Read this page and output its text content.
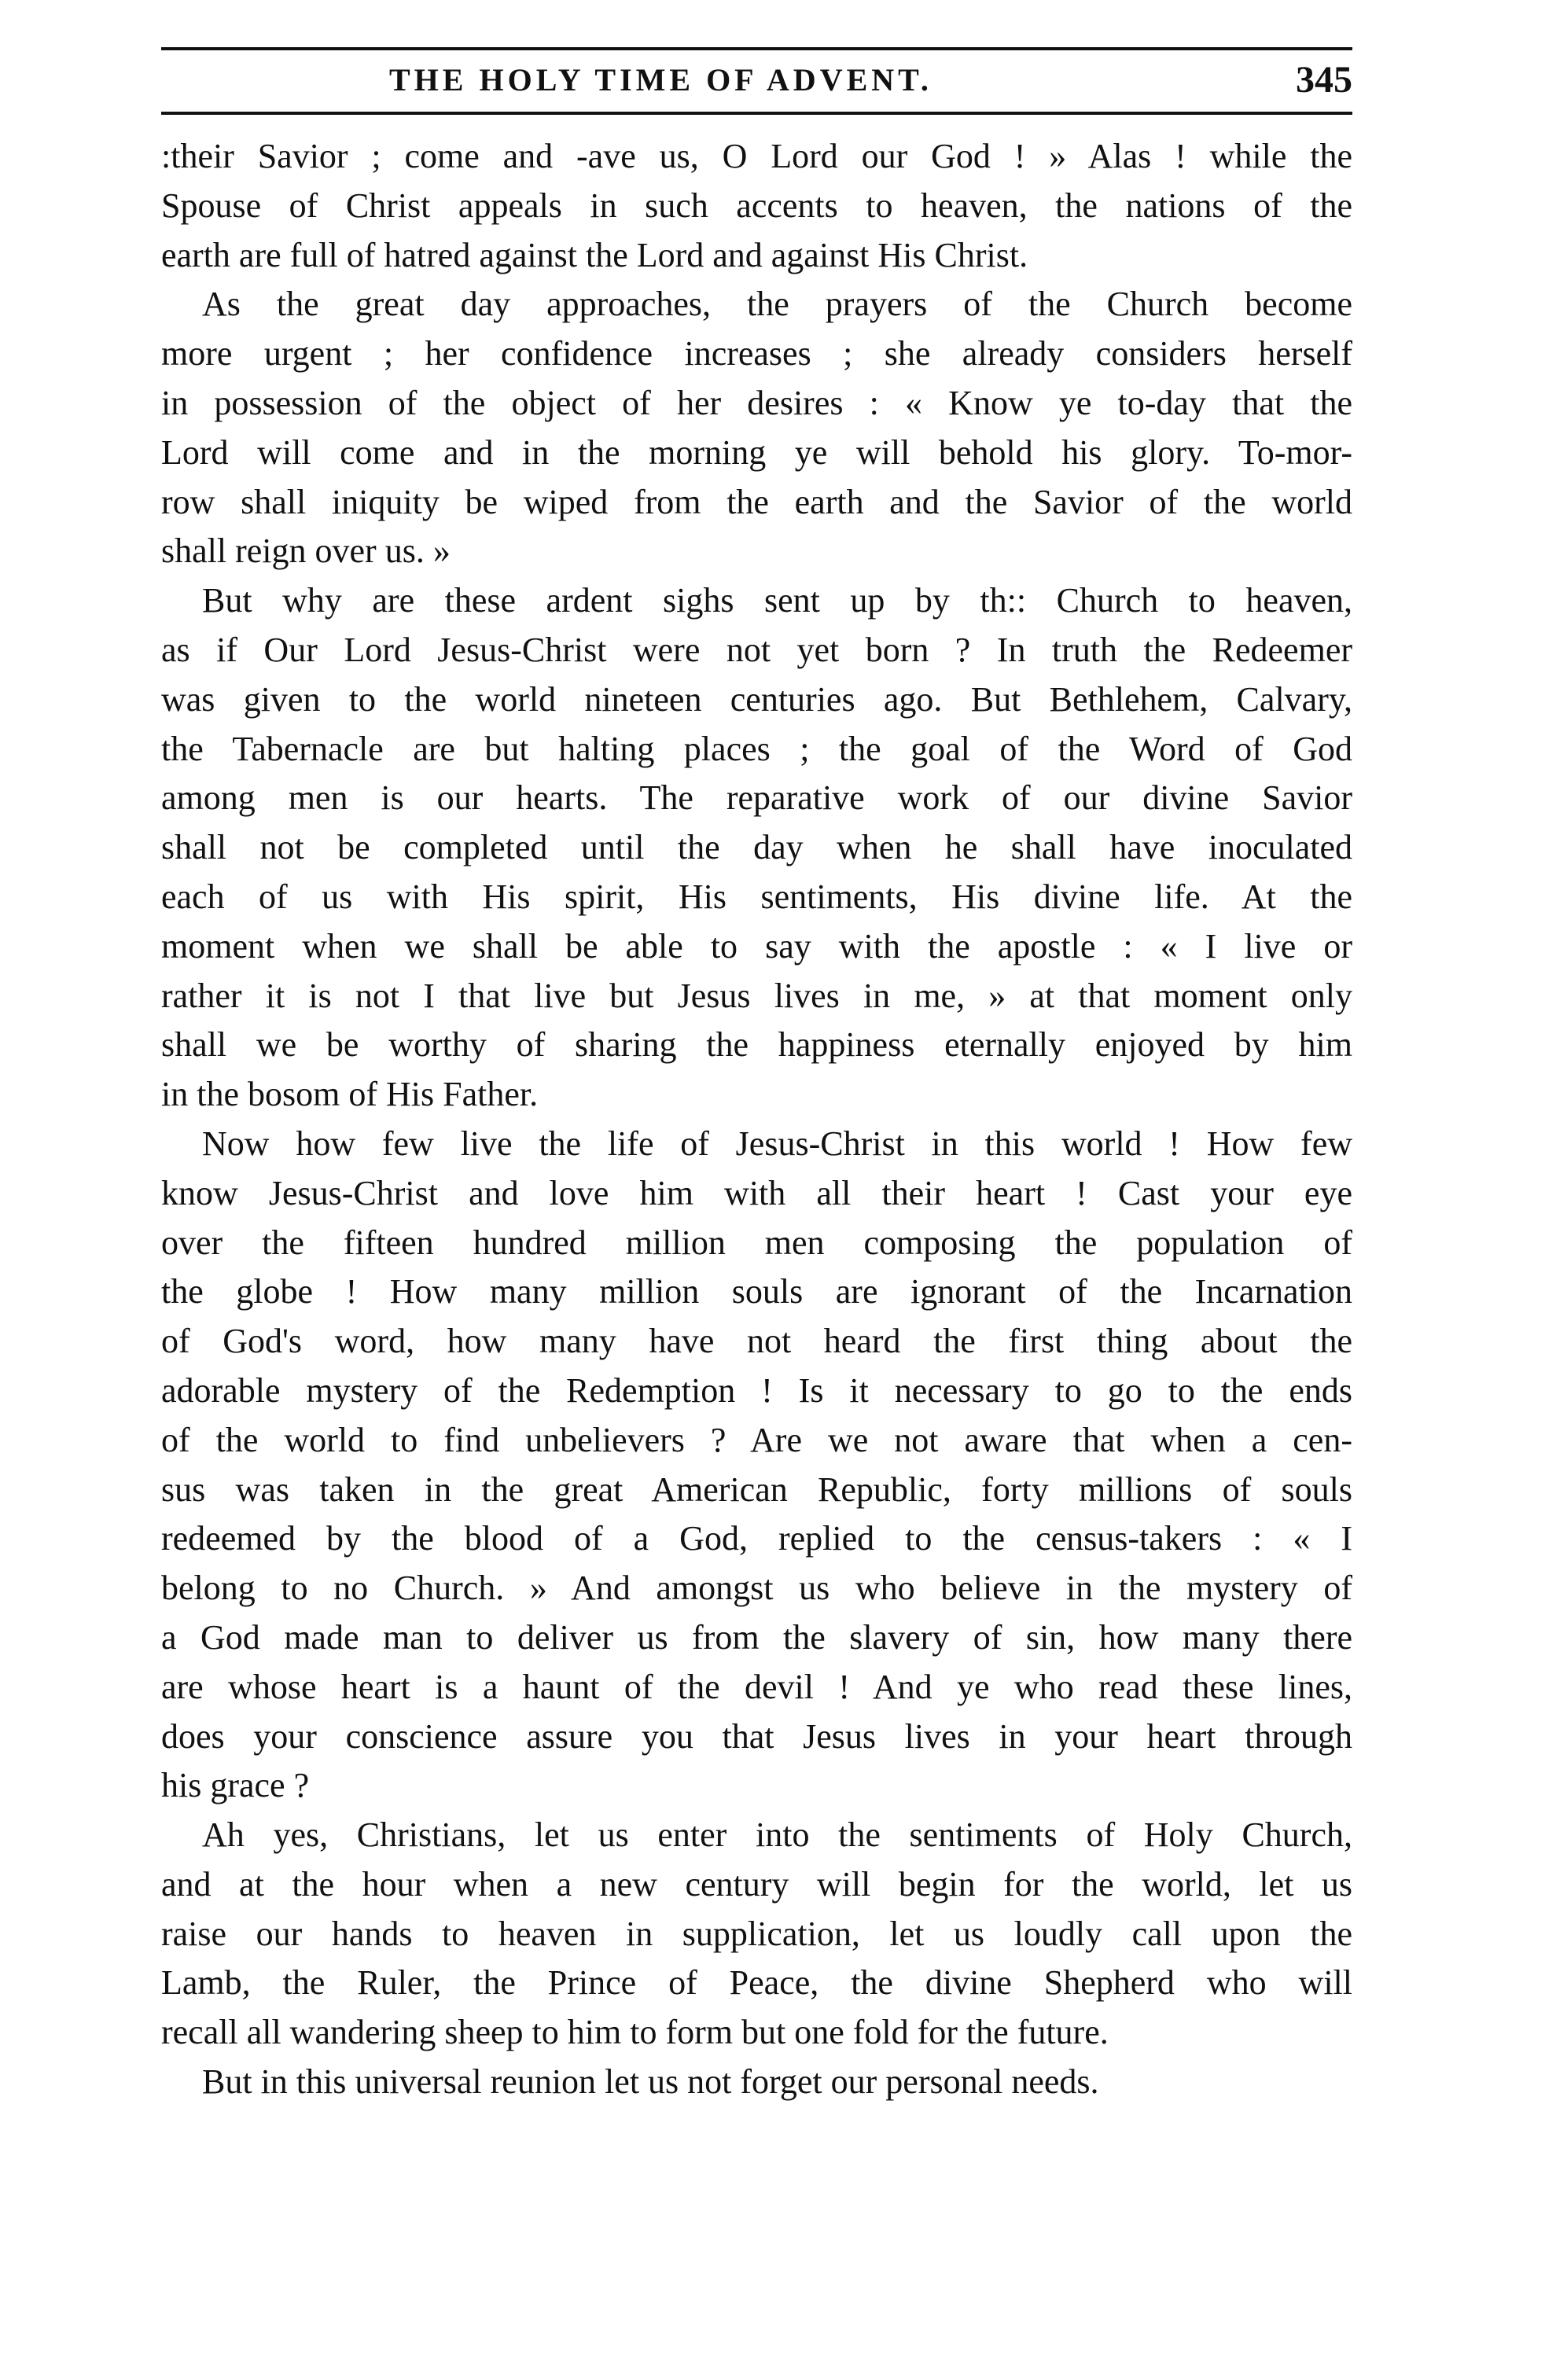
THE HOLY TIME OF ADVENT.	345
:their Savior ; come and -ave us, O Lord our God ! » Alas ! while the
Spouse of Christ appeals in such accents to heaven, the nations of the
earth are full of hatred against the Lord and against His Christ.
As the great day approaches, the prayers of the Church become
more urgent ; her confidence increases ; she already considers herself
in possession of the object of her desires : « Know ye to-day that the
Lord will come and in the morning ye will behold his glory. To-mor-
row shall iniquity be wiped from the earth and the Savior of the world
shall reign over us. »
But why are these ardent sighs sent up by th:: Church to heaven,
as if Our Lord Jesus-Christ were not yet born ? In truth the Redeemer
was given to the world nineteen centuries ago. But Bethlehem, Calvary,
the Tabernacle are but halting places ; the goal of the Word of God
among men is our hearts. The reparative work of our divine Savior
shall not be completed until the day when he shall have inoculated
each of us with His spirit, His sentiments, His divine life. At the
moment when we shall be able to say with the apostle : « I live or
rather it is not I that live but Jesus lives in me, » at that moment only
shall we be worthy of sharing the happiness eternally enjoyed by him
in the bosom of His Father.
Now how few live the life of Jesus-Christ in this world ! How few
know Jesus-Christ and love him with all their heart ! Cast your eye
over the fifteen hundred million men composing the population of
the globe ! How many million souls are ignorant of the Incarnation
of God's word, how many have not heard the first thing about the
adorable mystery of the Redemption ! Is it necessary to go to the ends
of the world to find unbelievers ? Are we not aware that when a cen-
sus was taken in the great American Republic, forty millions of souls
redeemed by the blood of a God, replied to the census-takers : « I
belong to no Church. » And amongst us who believe in the mystery of
a God made man to deliver us from the slavery of sin, how many there
are whose heart is a haunt of the devil ! And ye who read these lines,
does your conscience assure you that Jesus lives in your heart through
his grace ?
Ah yes, Christians, let us enter into the sentiments of Holy Church,
and at the hour when a new century will begin for the world, let us
raise our hands to heaven in supplication, let us loudly call upon the
Lamb, the Ruler, the Prince of Peace, the divine Shepherd who will
recall all wandering sheep to him to form but one fold for the future.
But in this universal reunion let us not forget our personal needs.
